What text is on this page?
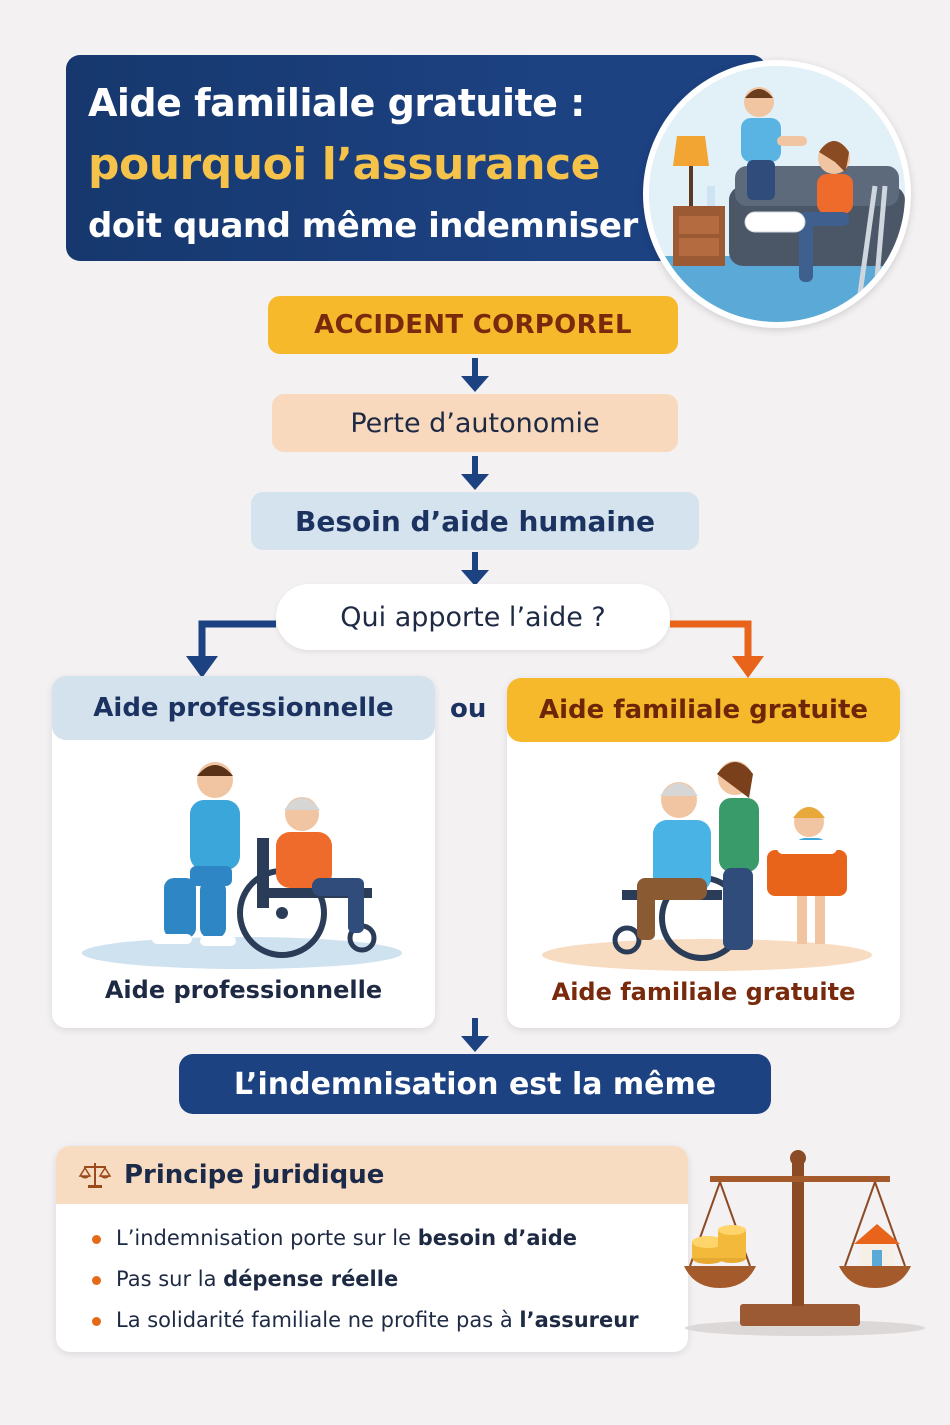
Aide familiale gratuite :
pourquoi l’assurance
doit quand même indemniser
ACCIDENT CORPOREL
Perte d’autonomie
Besoin d’aide humaine
Qui apporte l’aide ?
Aide professionnelle
Aide professionnelle
ou	Aide familiale gratuite
Aide familiale gratuite
L’indemnisation est la même
Principe juridique
L’indemnisation porte sur le besoin d’aide
Pas sur la dépense réelle
La solidarité familiale ne profite pas à l’assureur
